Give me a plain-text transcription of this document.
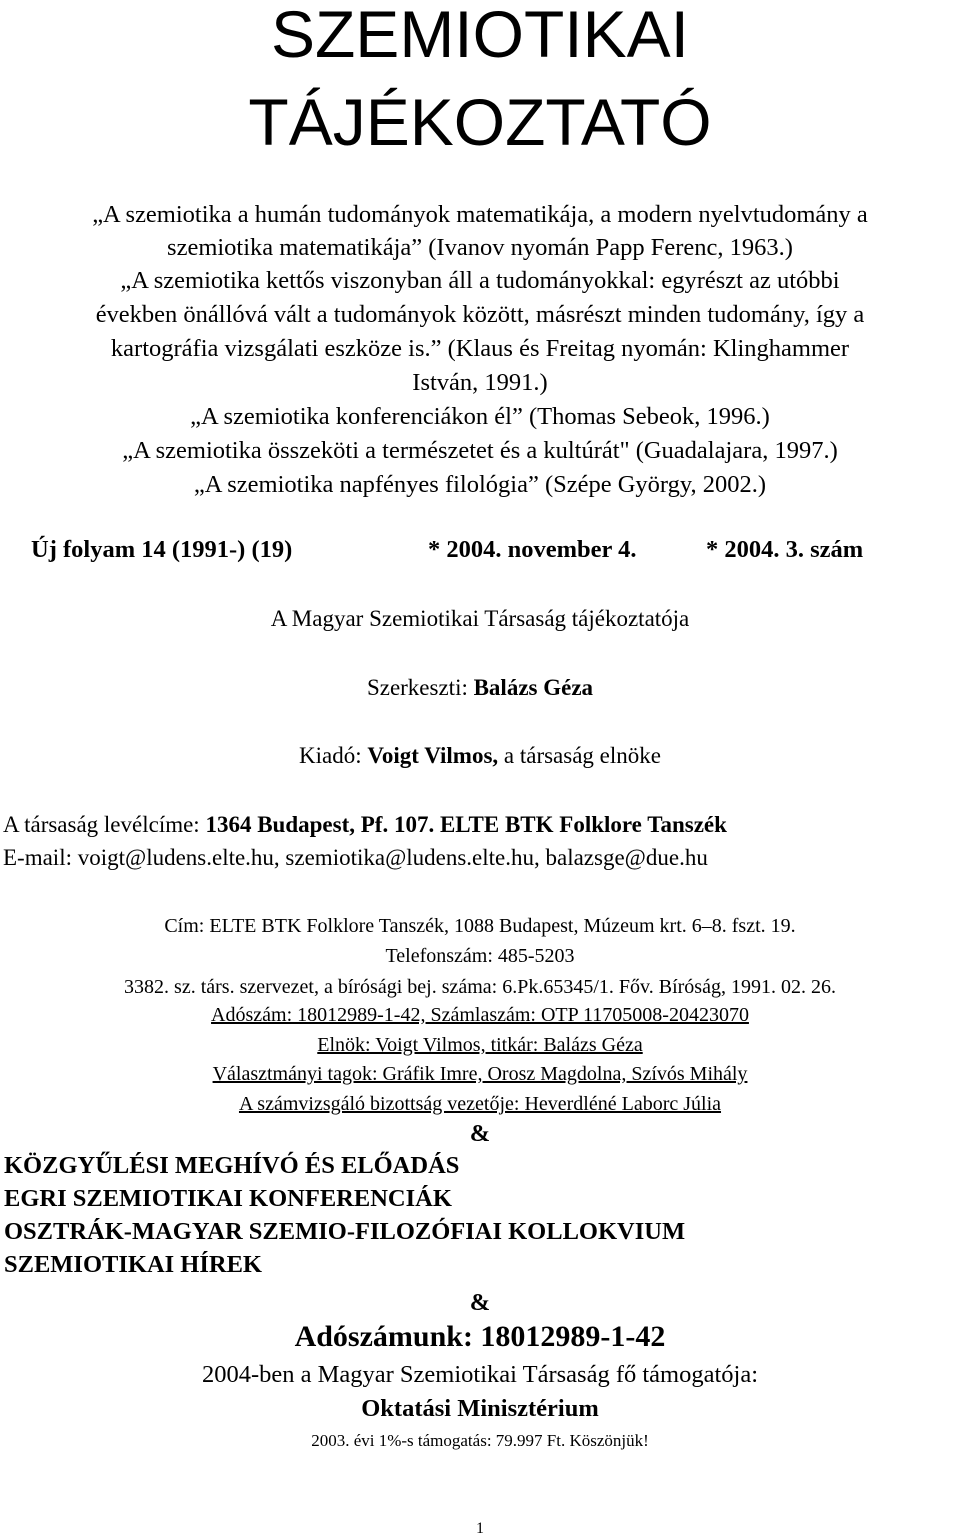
SZEMIOTIKAI
TÁJÉKOZTATÓ
„A szemiotika a humán tudományok matematikája, a modern nyelvtudomány a
szemiotika matematikája” (Ivanov nyomán Papp Ferenc, 1963.)
„A szemiotika kettős viszonyban áll a tudományokkal: egyrészt az utóbbi
években önállóvá vált a tudományok között, másrészt minden tudomány, így a
kartográfia vizsgálati eszköze is.” (Klaus és Freitag nyomán: Klinghammer
István, 1991.)
„A szemiotika konferenciákon él” (Thomas Sebeok, 1996.)
„A szemiotika összeköti a természetet és a kultúrát" (Guadalajara, 1997.)
„A szemiotika napfényes filológia” (Szépe György, 2002.)
Új folyam 14 (1991-) (19)	* 2004. november 4.	* 2004. 3. szám
A Magyar Szemiotikai Társaság tájékoztatója
Szerkeszti: Balázs Géza
Kiadó: Voigt Vilmos, a társaság elnöke
A társaság levélcíme: 1364 Budapest, Pf. 107. ELTE BTK Folklore Tanszék
E-mail: voigt@ludens.elte.hu, szemiotika@ludens.elte.hu, balazsge@due.hu
Cím: ELTE BTK Folklore Tanszék, 1088 Budapest, Múzeum krt. 6–8. fszt. 19.
Telefonszám: 485-5203
3382. sz. társ. szervezet, a bírósági bej. száma: 6.Pk.65345/1. Főv. Bíróság, 1991. 02. 26.
Adószám: 18012989-1-42, Számlaszám: OTP 11705008-20423070
Elnök: Voigt Vilmos, titkár: Balázs Géza
Választmányi tagok: Gráfik Imre, Orosz Magdolna, Szívós Mihály
A számvizsgáló bizottság vezetője: Heverdléné Laborc Júlia
&
KÖZGYŰLÉSI MEGHÍVÓ ÉS ELŐADÁS
EGRI SZEMIOTIKAI KONFERENCIÁK
OSZTRÁK-MAGYAR SZEMIO-FILOZÓFIAI KOLLOKVIUM
SZEMIOTIKAI HÍREK
&
Adószámunk: 18012989-1-42
2004-ben a Magyar Szemiotikai Társaság fő támogatója:
Oktatási Minisztérium
2003. évi 1%-s támogatás: 79.997 Ft. Köszönjük!
1
